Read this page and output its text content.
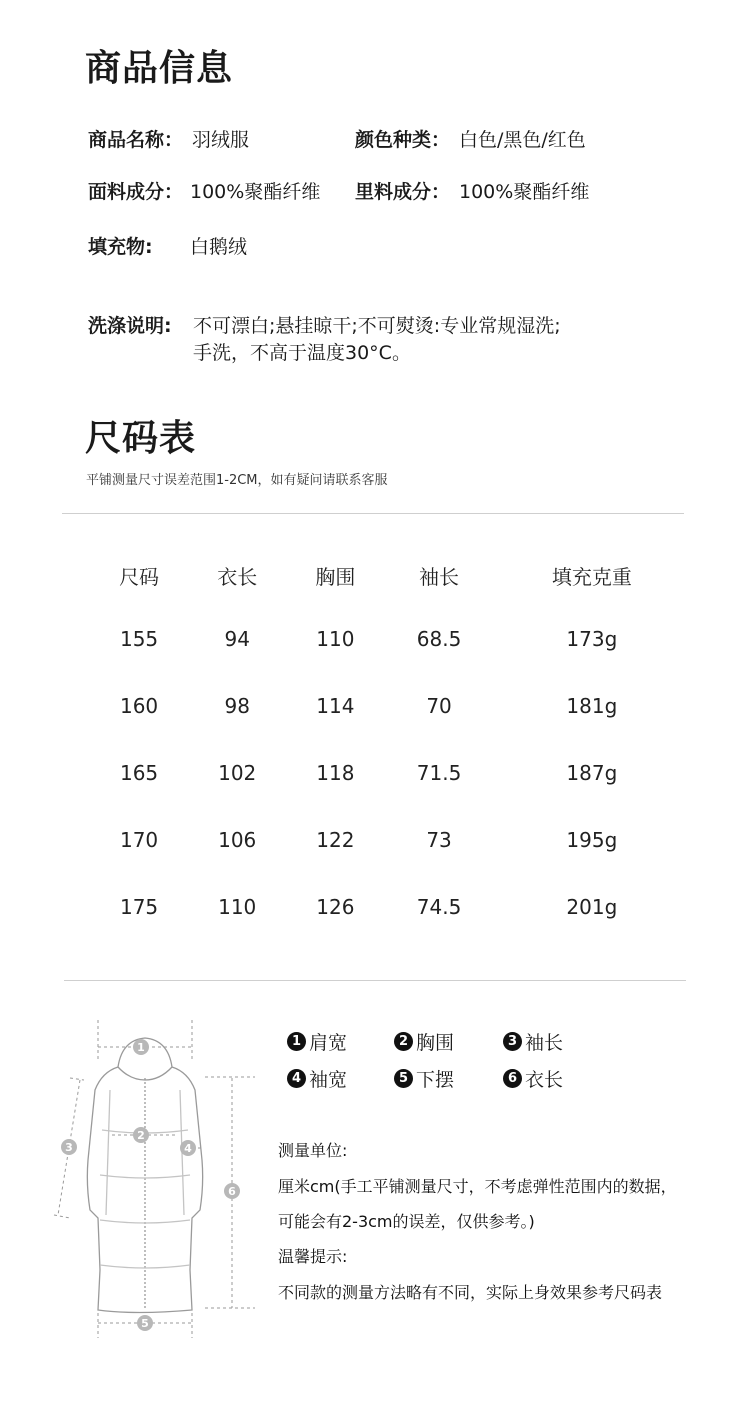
商品信息
商品名称： 羽绒服	颜色种类： 白色/黑色/红色
面料成分： 100%聚酯纤维 里料成分： 100%聚酯纤维
填充物: 白鹅绒
洗涤说明: 不可漂白;悬挂晾干;不可熨烫:专业常规湿洗;
手洗，不高于温度30°C。
尺码表
平铺测量尺寸误差范围1-2CM，如有疑问请联系客服
尺码	衣长	胸围	袖长	填充克重
155	94	110	68.5	173g
160	98	114	70	181g
165	102	118	71.5	187g
170	106	122	73	195g
175	110	126	74.5	201g
1
2
3	4
5
6
1 肩宽	2 胸围	3 袖长
4 袖宽	5 下摆	6 衣长
测量单位:
厘米cm(手工平铺测量尺寸，不考虑弹性范围内的数据，
可能会有2-3cm的误差，仅供参考。)
温馨提示:
不同款的测量方法略有不同，实际上身效果参考尺码表
